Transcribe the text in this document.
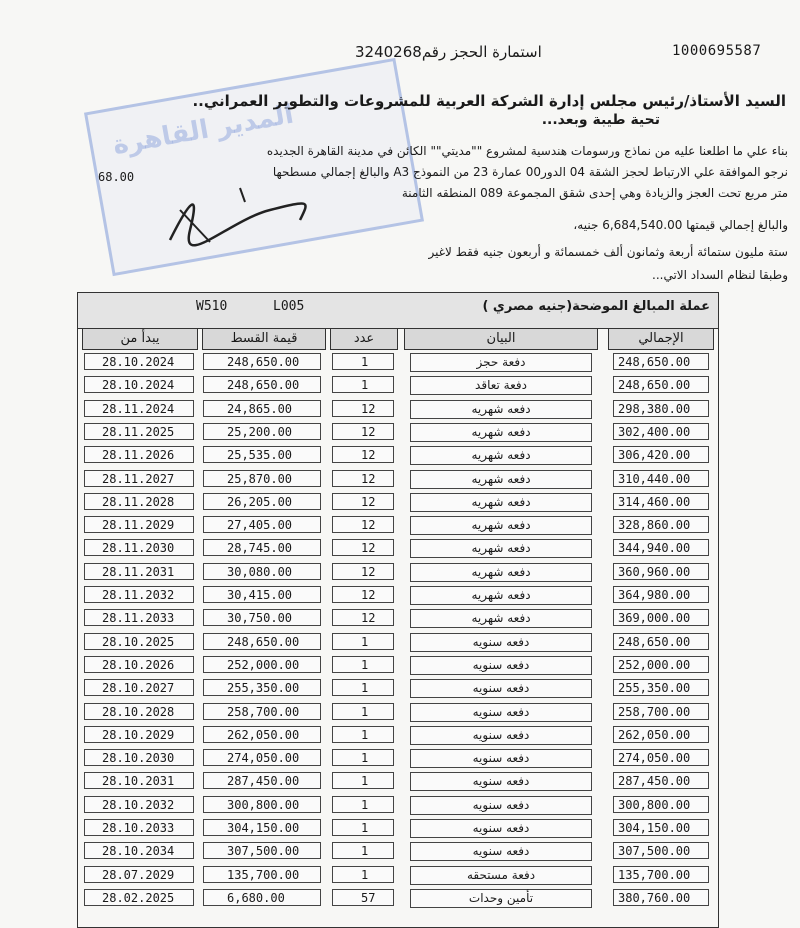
1000695587
استمارة الحجز رقم3240268
المدير القاهرة
السيد الأستاذ/رئيس مجلس إدارة الشركة العربية للمشروعات والتطوير العمراني..
تحية طيبة وبعد...
بناء علي ما اطلعنا عليه من نماذج ورسومات هندسية لمشروع ""مديتي"" الكائن في مدينة القاهرة الجديده
نرجو الموافقة علي الارتباط لحجز الشقة 04 الدور00 عمارة 23 من النموذج A3 والبالغ إجمالي مسطحها
68.00
متر مربع تحت العجز والزيادة وهي إحدى شقق المجموعة 089 المنطقه الثامنة
والبالغ إجمالي قيمتها 6,684,540.00 جنيه،
ستة مليون ستمائة أربعة وثمانون ألف خمسمائة و أربعون جنيه فقط لاغير
وطبقا لنظام السداد الاتي...
عملة المبالغ الموضحة(جنيه مصري )
W510	L005
الإجمالي
البيان
عدد
قيمة القسط
يبدأ من
248,650.00
دفعة حجز
1
248,650.00
28.10.2024
248,650.00
دفعة تعاقد
1
248,650.00
28.10.2024
298,380.00
دفعه شهريه
12
24,865.00
28.11.2024
302,400.00
دفعه شهريه
12
25,200.00
28.11.2025
306,420.00
دفعه شهريه
12
25,535.00
28.11.2026
310,440.00
دفعه شهريه
12
25,870.00
28.11.2027
314,460.00
دفعه شهريه
12
26,205.00
28.11.2028
328,860.00
دفعه شهريه
12
27,405.00
28.11.2029
344,940.00
دفعه شهريه
12
28,745.00
28.11.2030
360,960.00
دفعه شهريه
12
30,080.00
28.11.2031
364,980.00
دفعه شهريه
12
30,415.00
28.11.2032
369,000.00
دفعه شهريه
12
30,750.00
28.11.2033
248,650.00
دفعه سنويه
1
248,650.00
28.10.2025
252,000.00
دفعه سنويه
1
252,000.00
28.10.2026
255,350.00
دفعه سنويه
1
255,350.00
28.10.2027
258,700.00
دفعه سنويه
1
258,700.00
28.10.2028
262,050.00
دفعه سنويه
1
262,050.00
28.10.2029
274,050.00
دفعه سنويه
1
274,050.00
28.10.2030
287,450.00
دفعه سنويه
1
287,450.00
28.10.2031
300,800.00
دفعه سنويه
1
300,800.00
28.10.2032
304,150.00
دفعه سنويه
1
304,150.00
28.10.2033
307,500.00
دفعه سنويه
1
307,500.00
28.10.2034
135,700.00
دفعة مستحقه
1
135,700.00
28.07.2029
380,760.00
تأمين وحدات
57
6,680.00
28.02.2025
